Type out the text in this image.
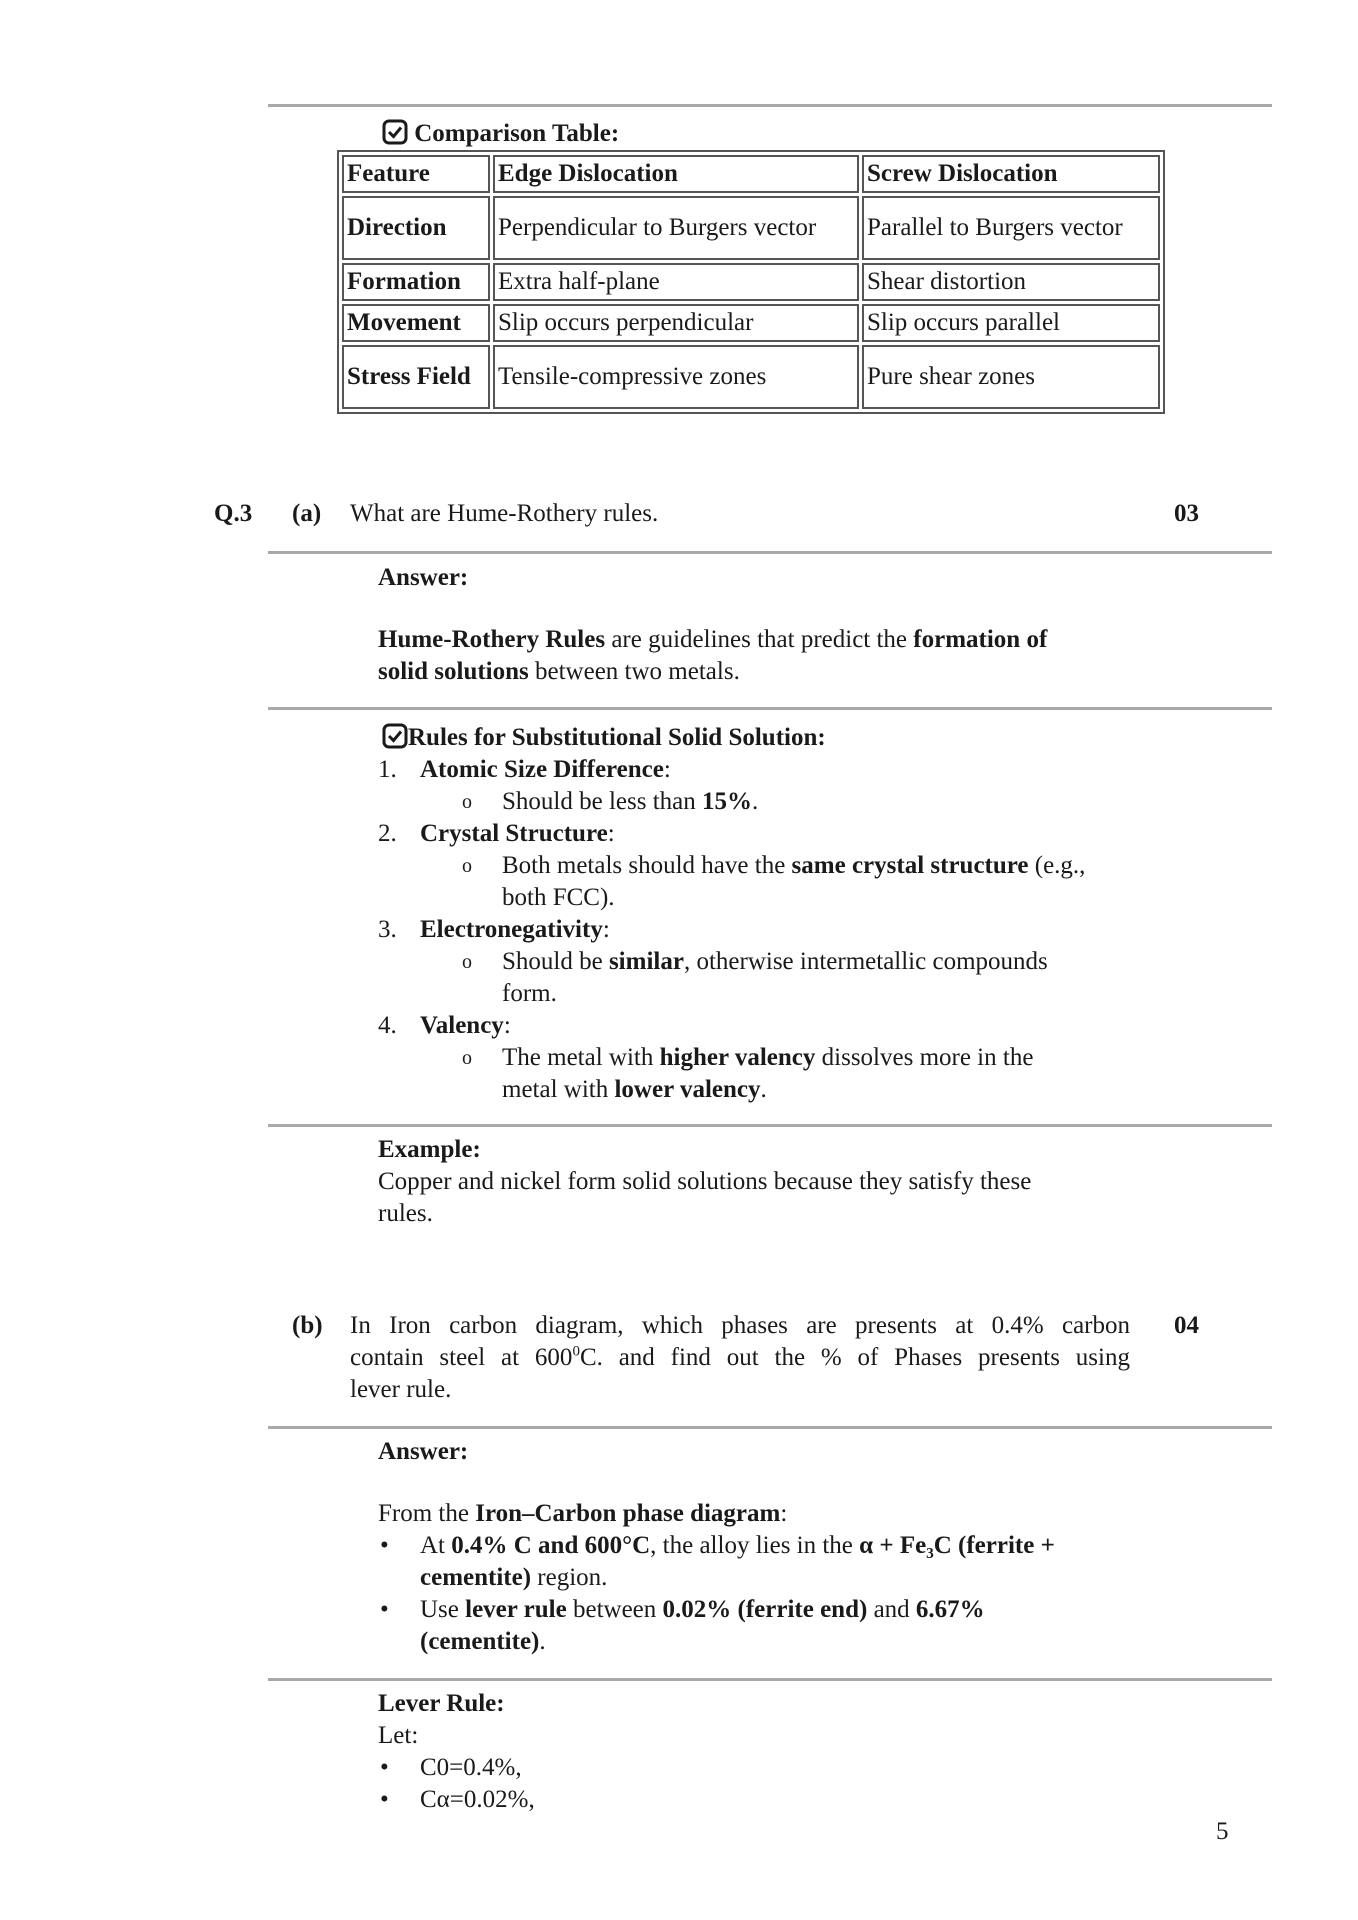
Comparison Table:
Feature	Edge Dislocation	Screw Dislocation
Direction	Perpendicular to Burgers vector	Parallel to Burgers vector
Formation	Extra half-plane	Shear distortion
Movement	Slip occurs perpendicular	Slip occurs parallel
Stress Field	Tensile-compressive zones	Pure shear zones
Q.3 (a) What are Hume-Rothery rules.	03
Answer:
Hume-Rothery Rules are guidelines that predict the formation of
solid solutions between two metals.
Rules for Substitutional Solid Solution:
1. Atomic Size Difference:
o Should be less than 15%.
2. Crystal Structure:
o Both metals should have the same crystal structure (e.g.,
both FCC).
3. Electronegativity:
o Should be similar, otherwise intermetallic compounds
form.
4. Valency:
o The metal with higher valency dissolves more in the
metal with lower valency.
Example:
Copper and nickel form solid solutions because they satisfy these
rules.
(b) In Iron carbon diagram, which phases are presents at 0.4% carbon
contain steel at $600^0C$. and find out the % of Phases presents using
lever rule.
04
Answer:
From the Iron–Carbon phase diagram:
• At 0.4% C and 600°C, the alloy lies in the α + Fe₃C (ferrite +
cementite) region.
• Use lever rule between 0.02% (ferrite end) and 6.67%
(cementite).
Lever Rule:
Let:
• C0=0.4%,
• Cα=0.02%,
5
